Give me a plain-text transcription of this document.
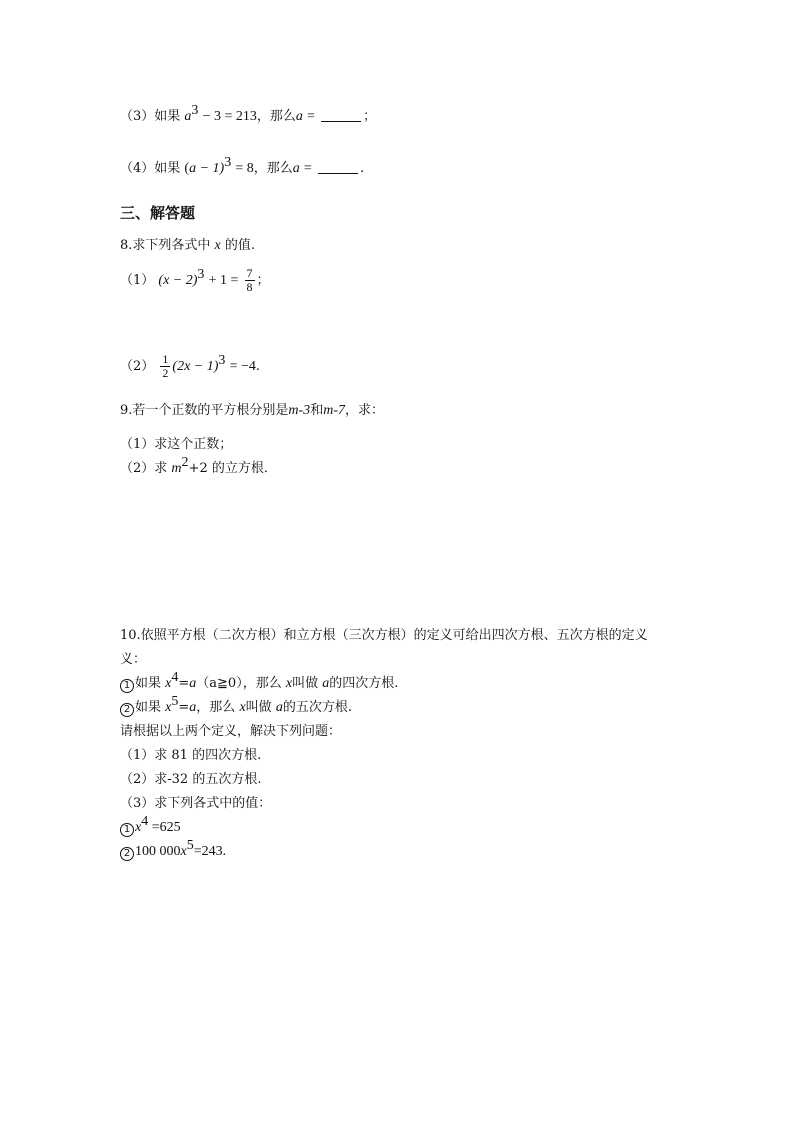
（3）如果 $a^3 - 3 = 213$，那么a =	；
（4）如果 $(a - 1)^3 = 8$，那么a =	.
三、解答题
8.求下列各式中 x 的值.
（1） $(x - 2)^3 + 1 = \frac{7}{8}$ ；
$(2) \frac{1}{2} (2x - 1)^3 = -4$.
9.若一个正数的平方根分别是m-3和m-7，求：
（1）求这个正数；
（2）求 $m^2+2$ 的立方根．
10.依照平方根（二次方根）和立方根（三次方根）的定义可给出四次方根、五次方根的定义
义：
1 如果 $x^4=a(a≧0)$，那么 x叫做 a的四次方根.
2 如果 $x^5=a$，那么 x叫做 a的五次方根.
请根据以上两个定义，解决下列问题：
（1）求 81 的四次方根.
（2）求-32 的五次方根.
（3）求下列各式中的值：
1 $x^4 =625$
2 100 $000x^5=243$.
